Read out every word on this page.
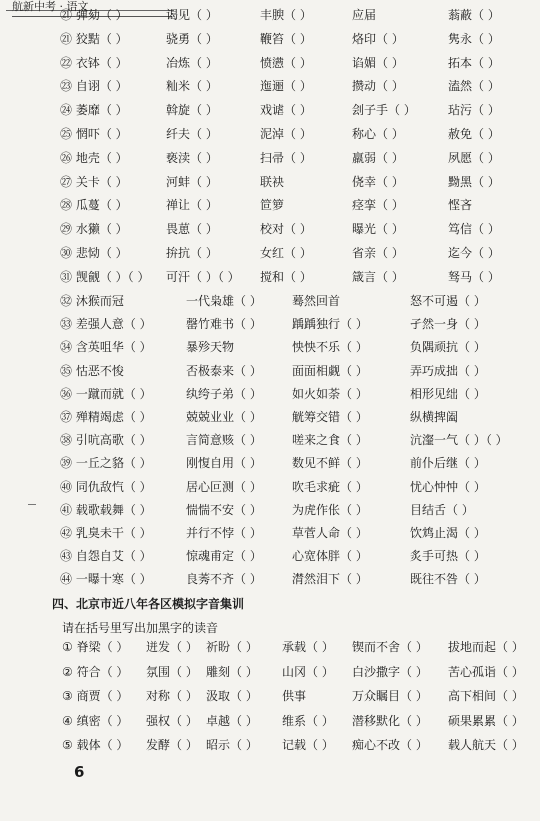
航新中考 · 语文
㉑ 弹劾（ ）	谒见（ ）	丰腴（ ）	应届	蓊蔽（ ）
㉑ 狡黠（ ）	骁勇（ ）	鞭笞（ ）	烙印（ ）	隽永（ ）
㉒ 衣钵（ ）	冶炼（ ）	愤懑（ ）	谄媚（ ）	拓本（ ）
㉓ 自诩（ ）	籼米（ ）	迤逦（ ）	攒动（ ）	溘然（ ）
㉔ 萎靡（ ）	斡旋（ ）	戏谑（ ）	刽子手（ ）	玷污（ ）
㉕ 惘吓（ ）	纤夫（ ）	泥淖（ ）	称心（ ）	赦免（ ）
㉖ 地壳（ ）	亵渎（ ）	扫帚（ ）	羸弱（ ）	夙愿（ ）
㉗ 关卡（ ）	河蚌（ ）	联袂	侥幸（ ）	黝黑（ ）
㉘ 瓜蔓（ ）	禅让（ ）	笸箩	痉挛（ ）	悭吝
㉙ 水獭（ ）	畏葸（ ）	校对（ ）	曝光（ ）	笃信（ ）
㉚ 悲恸（ ）	拚抗（ ）	女红（ ）	省亲（ ）	迄今（ ）
㉛ 觊觎（ ）（ ）	可汗（ ）（ ）	搅和（ ）	箴言（ ）	驽马（ ）
㉜ 沐猴而冠	一代枭雄（ ）	蓦然回首	怒不可遏（ ）
㉝ 差强人意（ ）	罄竹难书（ ）	踽踽独行（ ）	孑然一身（ ）
㉞ 含英咀华（ ）	暴殄天物	怏怏不乐（ ）	负隅顽抗（ ）
㉟ 怙恶不悛	否极泰来（ ）	面面相觑（ ）	弄巧成拙（ ）
㊱ 一蹴而就（ ）	纨绔子弟（ ）	如火如荼（ ）	相形见绌（ ）
㊲ 殚精竭虑（ ）	兢兢业业（ ）	觥筹交错（ ）	纵横捭阖
㊳ 引吭高歌（ ）	言简意赅（ ）	嗟来之食（ ）	沆瀣一气（ ）（ ）
㊴ 一丘之貉（ ）	刚愎自用（ ）	数见不鲜（ ）	前仆后继（ ）
㊵ 同仇敌忾（ ）	居心叵测（ ）	吹毛求疵（ ）	忧心忡忡（ ）
㊶ 载歌载舞（ ）	惴惴不安（ ）	为虎作伥（ ）	目结舌（ ）
㊷ 乳臭未干（ ）	并行不悖（ ）	草菅人命（ ）	饮鸩止渴（ ）
㊸ 自怨自艾（ ）	惊魂甫定（ ）	心宽体胖（ ）	炙手可热（ ）
㊹ 一曝十寒（ ）	良莠不齐（ ）	潸然泪下（ ）	既往不咎（ ）
四、北京市近八年各区模拟字音集训
请在括号里写出加黑字的读音
① 脊梁（ ）	迸发（ ） 祈盼（ ）	承载（ ）	锲而不舍（ ）	拔地而起（ ）
② 符合（ ）	氛围（ ） 雕刻（ ）	山冈（ ）	白沙撒字（ ）	苦心孤诣（ ）
③ 商贾（ ）	对称（ ） 汲取（ ）	供事	万众瞩目（ ）	高下相间（ ）
④ 缜密（ ）	强权（ ） 卓越（ ）	维系（ ）	潜移默化（ ）	硕果累累（ ）
⑤ 载体（ ）	发酵（ ） 昭示（ ）	记载（ ）	痴心不改（ ）	载人航天（ ）
6
